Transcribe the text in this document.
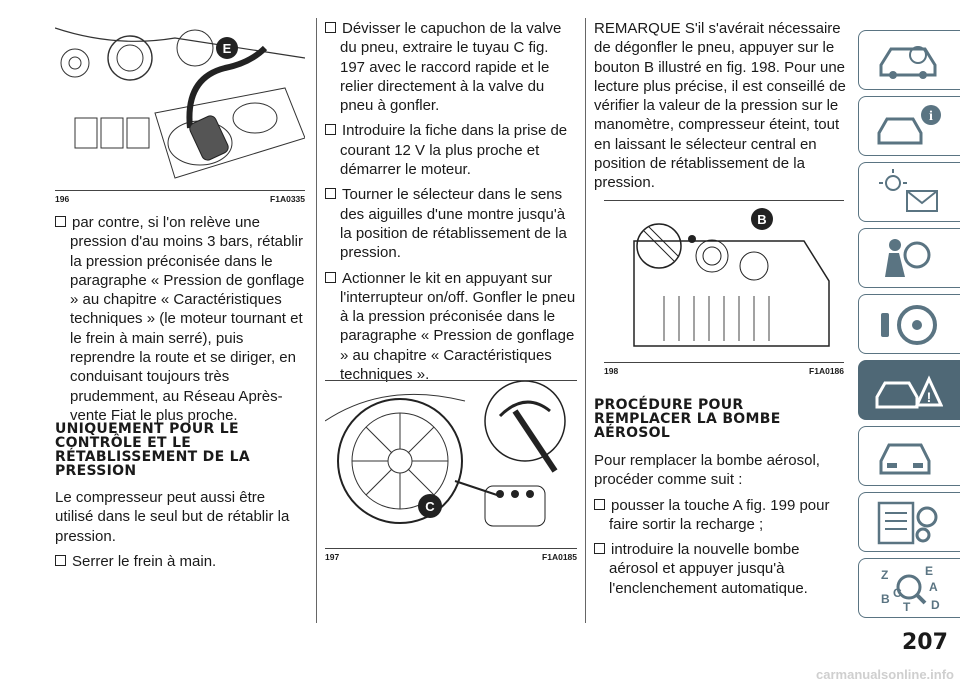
E
196	F1A0335
par contre, si l'on relève une pression d'au moins 3 bars, rétablir la pression préconisée dans le paragraphe « Pression de gonflage » au chapitre « Caractéristiques techniques » (le moteur tournant et le frein à main serré), puis reprendre la route et se diriger, en conduisant toujours très prudemment, au Réseau Après-vente Fiat le plus proche.
UNIQUEMENT POUR LE CONTRÔLE ET LE RÉTABLISSEMENT DE LA PRESSION

Le compresseur peut aussi être utilisé dans le seul but de rétablir la pression.

Serrer le frein à main.
Dévisser le capuchon de la valve du pneu, extraire le tuyau C fig. 197 avec le raccord rapide et le relier directement à la valve du pneu à gonfler.
Introduire la fiche dans la prise de courant 12 V la plus proche et démarrer le moteur.
Tourner le sélecteur dans le sens des aiguilles d'une montre jusqu'à la position de rétablissement de la pression.
Actionner le kit en appuyant sur l'interrupteur on/off. Gonfler le pneu à la pression préconisée dans le paragraphe « Pression de gonflage » au chapitre « Caractéristiques techniques ».
C
197	F1A0185

REMARQUE S'il s'avérait nécessaire de dégonfler le pneu, appuyer sur le bouton B illustré en fig. 198. Pour une lecture plus précise, il est conseillé de vérifier la valeur de la pression sur le manomètre, compresseur éteint, tout en laissant le sélecteur central en position de rétablissement de la pression.

B
198	F1A0186
PROCÉDURE POUR REMPLACER LA BOMBE AÉROSOL

Pour remplacer la bombe aérosol, procéder comme suit :

pousser la touche A fig. 199 pour faire sortir la recharge ;
introduire la nouvelle bombe aérosol et appuyer jusqu'à l'enclenchement automatique.
i
!
Z	E
A
B C
D
T
207
carmanualsonline.info
